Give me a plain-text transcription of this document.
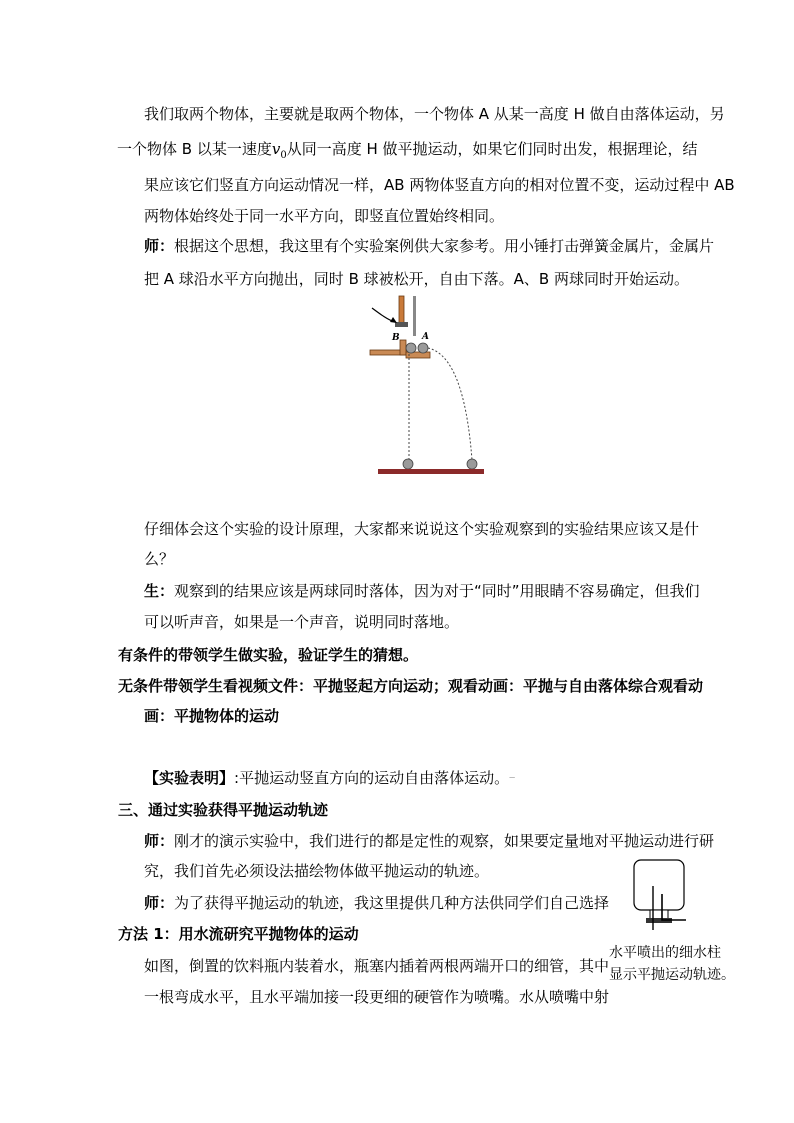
我们取两个物体，主要就是取两个物体，一个物体 A 从某一高度 H 做自由落体运动，另
一个物体 B 以某一速度$v_0$从同一高度 H 做平抛运动，如果它们同时出发，根据理论，结
果应该它们竖直方向运动情况一样，AB 两物体竖直方向的相对位置不变，运动过程中 AB
两物体始终处于同一水平方向，即竖直位置始终相同。
师：根据这个思想，我这里有个实验案例供大家参考。用小锤打击弹簧金属片，金属片
把 A 球沿水平方向抛出，同时 B 球被松开，自由下落。A、B 两球同时开始运动。
B A
仔细体会这个实验的设计原理，大家都来说说这个实验观察到的实验结果应该又是什
么？
生：观察到的结果应该是两球同时落体，因为对于“同时”用眼睛不容易确定，但我们
可以听声音，如果是一个声音，说明同时落地。
有条件的带领学生做实验，验证学生的猜想。
无条件带领学生看视频文件：平抛竖起方向运动；观看动画：平抛与自由落体综合观看动
画：平抛物体的运动
【实验表明】:平抛运动竖直方向的运动自由落体运动。—
三、通过实验获得平抛运动轨迹
师：刚才的演示实验中，我们进行的都是定性的观察，如果要定量地对平抛运动进行研
究，我们首先必须设法描绘物体做平抛运动的轨迹。
师：为了获得平抛运动的轨迹，我这里提供几种方法供同学们自己选择
方法 1：用水流研究平抛物体的运动
如图，倒置的饮料瓶内装着水，瓶塞内插着两根两端开口的细管，其中
一根弯成水平，且水平端加接一段更细的硬管作为喷嘴。水从喷嘴中射
水平喷出的细水柱
显示平抛运动轨迹。
